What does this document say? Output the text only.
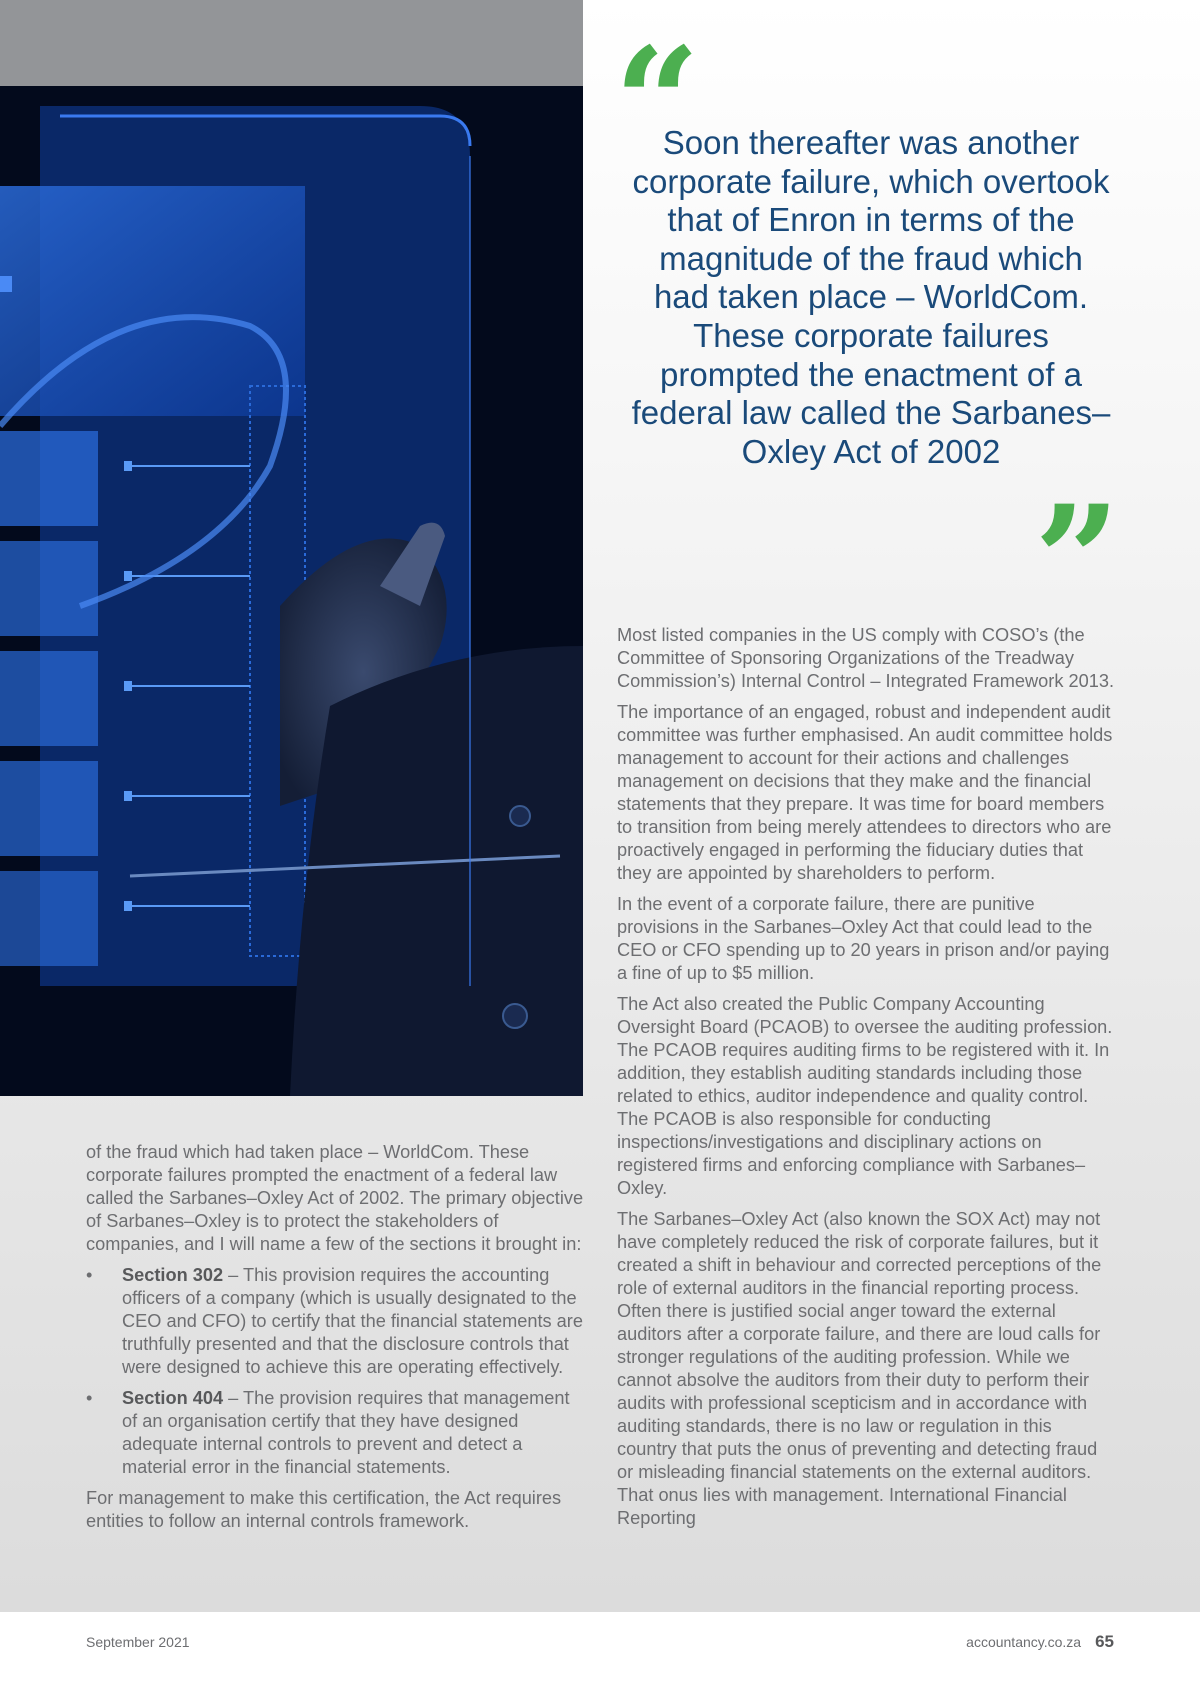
“
Soon thereafter was another corporate failure, which overtook that of Enron in terms of the magnitude of the fraud which had taken place – WorldCom. These corporate failures prompted the enactment of a federal law called the Sarbanes– Oxley Act of 2002
”

of the fraud which had taken place – WorldCom. These corporate failures prompted the enactment of a federal law called the Sarbanes–Oxley Act of 2002. The primary objective of Sarbanes–Oxley is to protect the stakeholders of companies, and I will name a few of the sections it brought in:

• Section 302 – This provision requires the accounting officers of a company (which is usually designated to the CEO and CFO) to certify that the financial statements are truthfully presented and that the disclosure controls that were designed to achieve this are operating effectively.
• Section 404 – The provision requires that management of an organisation certify that they have designed adequate internal controls to prevent and detect a material error in the financial statements.

For management to make this certification, the Act requires entities to follow an internal controls framework.

Most listed companies in the US comply with COSO’s (the Committee of Sponsoring Organizations of the Treadway Commission’s) Internal Control – Integrated Framework 2013.

The importance of an engaged, robust and independent audit committee was further emphasised. An audit committee holds management to account for their actions and challenges management on decisions that they make and the financial statements that they prepare. It was time for board members to transition from being merely attendees to directors who are proactively engaged in performing the fiduciary duties that they are appointed by shareholders to perform.

In the event of a corporate failure, there are punitive provisions in the Sarbanes–Oxley Act that could lead to the CEO or CFO spending up to 20 years in prison and/or paying a fine of up to $5 million.

The Act also created the Public Company Accounting Oversight Board (PCAOB) to oversee the auditing profession. The PCAOB requires auditing firms to be registered with it. In addition, they establish auditing standards including those related to ethics, auditor independence and quality control. The PCAOB is also responsible for conducting inspections/investigations and disciplinary actions on registered firms and enforcing compliance with Sarbanes–Oxley.

The Sarbanes–Oxley Act (also known the SOX Act) may not have completely reduced the risk of corporate failures, but it created a shift in behaviour and corrected perceptions of the role of external auditors in the financial reporting process. Often there is justified social anger toward the external auditors after a corporate failure, and there are loud calls for stronger regulations of the auditing profession. While we cannot absolve the auditors from their duty to perform their audits with professional scepticism and in accordance with auditing standards, there is no law or regulation in this country that puts the onus of preventing and detecting fraud or misleading financial statements on the external auditors. That onus lies with management. International Financial Reporting

September 2021	accountancy.co.za 65
